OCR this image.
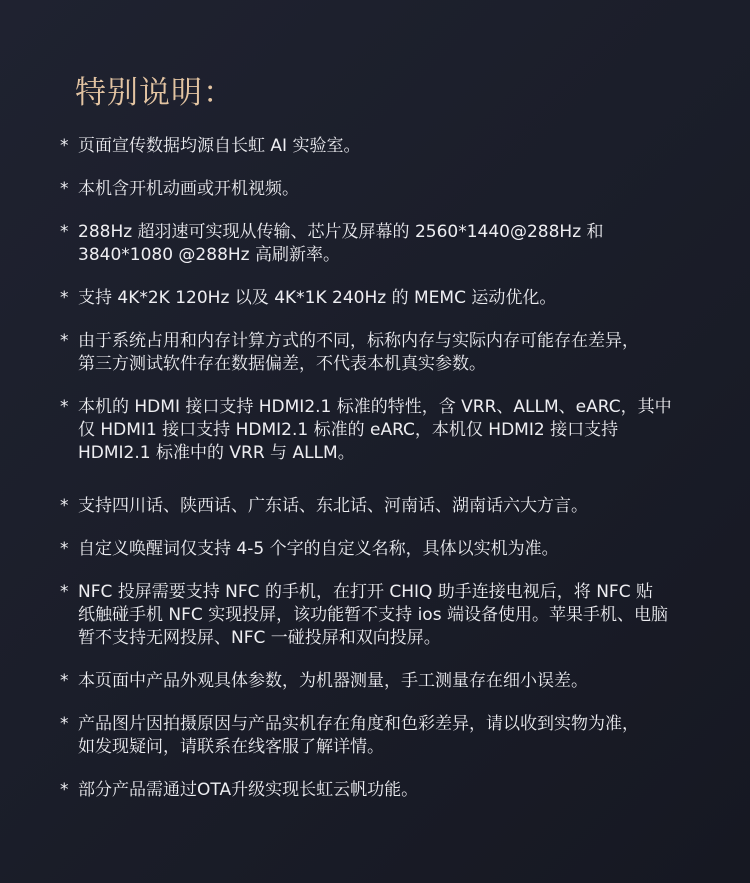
特别说明：
* 页面宣传数据均源自长虹 AI 实验室。
* 本机含开机动画或开机视频。
* 288Hz 超羽速可实现从传输、芯片及屏幕的 2560*1440@288Hz 和
3840*1080 @288Hz 高刷新率。
* 支持 4K*2K 120Hz 以及 4K*1K 240Hz 的 MEMC 运动优化。
* 由于系统占用和内存计算方式的不同，标称内存与实际内存可能存在差异，
第三方测试软件存在数据偏差，不代表本机真实参数。
* 本机的 HDMI 接口支持 HDMI2.1 标准的特性，含 VRR、ALLM、eARC，其中
仅 HDMI1 接口支持 HDMI2.1 标准的 eARC，本机仅 HDMI2 接口支持
HDMI2.1 标准中的 VRR 与 ALLM。
* 支持四川话、陕西话、广东话、东北话、河南话、湖南话六大方言。
* 自定义唤醒词仅支持 4-5 个字的自定义名称，具体以实机为准。
* NFC 投屏需要支持 NFC 的手机，在打开 CHIQ 助手连接电视后，将 NFC 贴
纸触碰手机 NFC 实现投屏，该功能暂不支持 ios 端设备使用。苹果手机、电脑
暂不支持无网投屏、NFC 一碰投屏和双向投屏。
* 本页面中产品外观具体参数，为机器测量，手工测量存在细小误差。
* 产品图片因拍摄原因与产品实机存在角度和色彩差异，请以收到实物为准，
如发现疑问，请联系在线客服了解详情。
* 部分产品需通过OTA升级实现长虹云帆功能。
